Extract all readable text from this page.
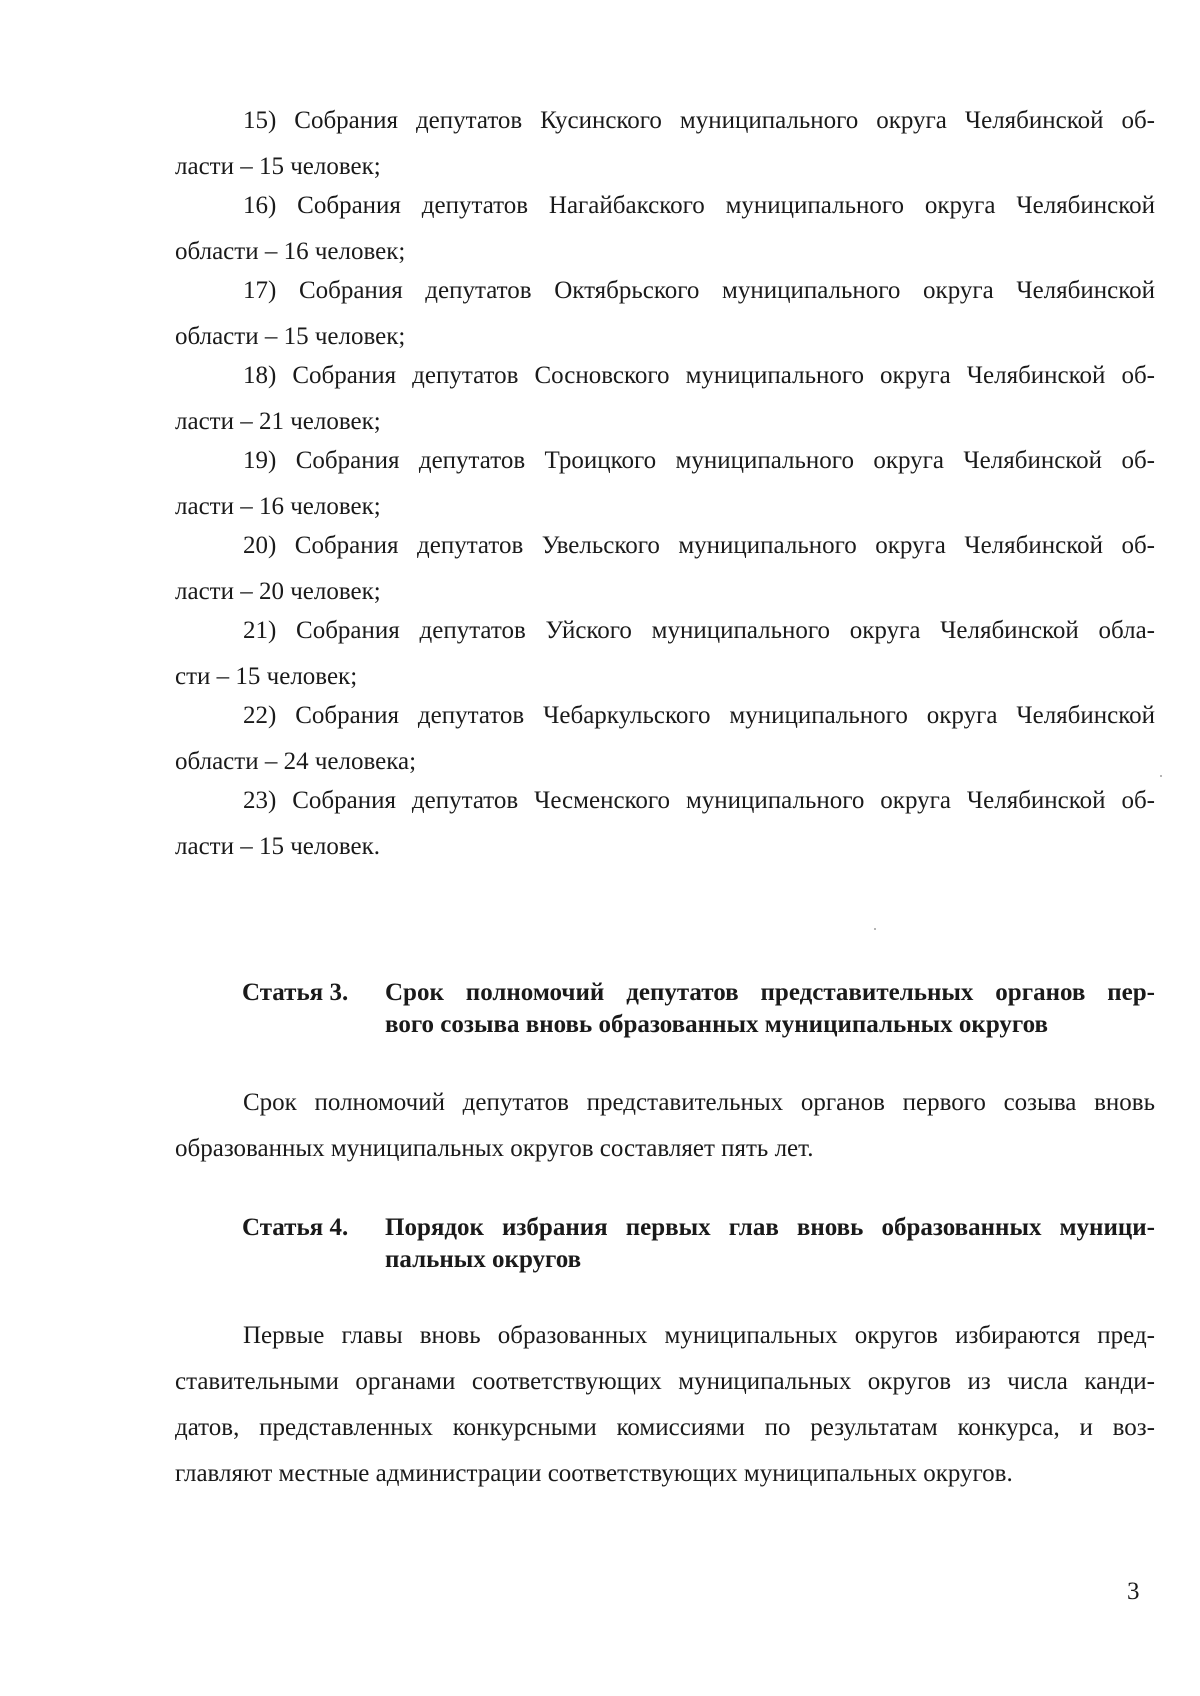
15) Собрания депутатов Кусинского муниципального округа Челябинской об-
ласти – 15 человек;
16) Собрания депутатов Нагайбакского муниципального округа Челябинской
области – 16 человек;
17) Собрания депутатов Октябрьского муниципального округа Челябинской
области – 15 человек;
18) Собрания депутатов Сосновского муниципального округа Челябинской об-
ласти – 21 человек;
19) Собрания депутатов Троицкого муниципального округа Челябинской об-
ласти – 16 человек;
20) Собрания депутатов Увельского муниципального округа Челябинской об-
ласти – 20 человек;
21) Собрания депутатов Уйского муниципального округа Челябинской обла-
сти – 15 человек;
22) Собрания депутатов Чебаркульского муниципального округа Челябинской
области – 24 человека;
23) Собрания депутатов Чесменского муниципального округа Челябинской об-
ласти – 15 человек.
Статья 3. Срок полномочий депутатов представительных органов пер-
вого созыва вновь образованных муниципальных округов
Срок полномочий депутатов представительных органов первого созыва вновь
образованных муниципальных округов составляет пять лет.
Статья 4. Порядок избрания первых глав вновь образованных муници-
пальных округов
Первые главы вновь образованных муниципальных округов избираются пред-
ставительными органами соответствующих муниципальных округов из числа канди-
датов, представленных конкурсными комиссиями по результатам конкурса, и воз-
главляют местные администрации соответствующих муниципальных округов.
3
